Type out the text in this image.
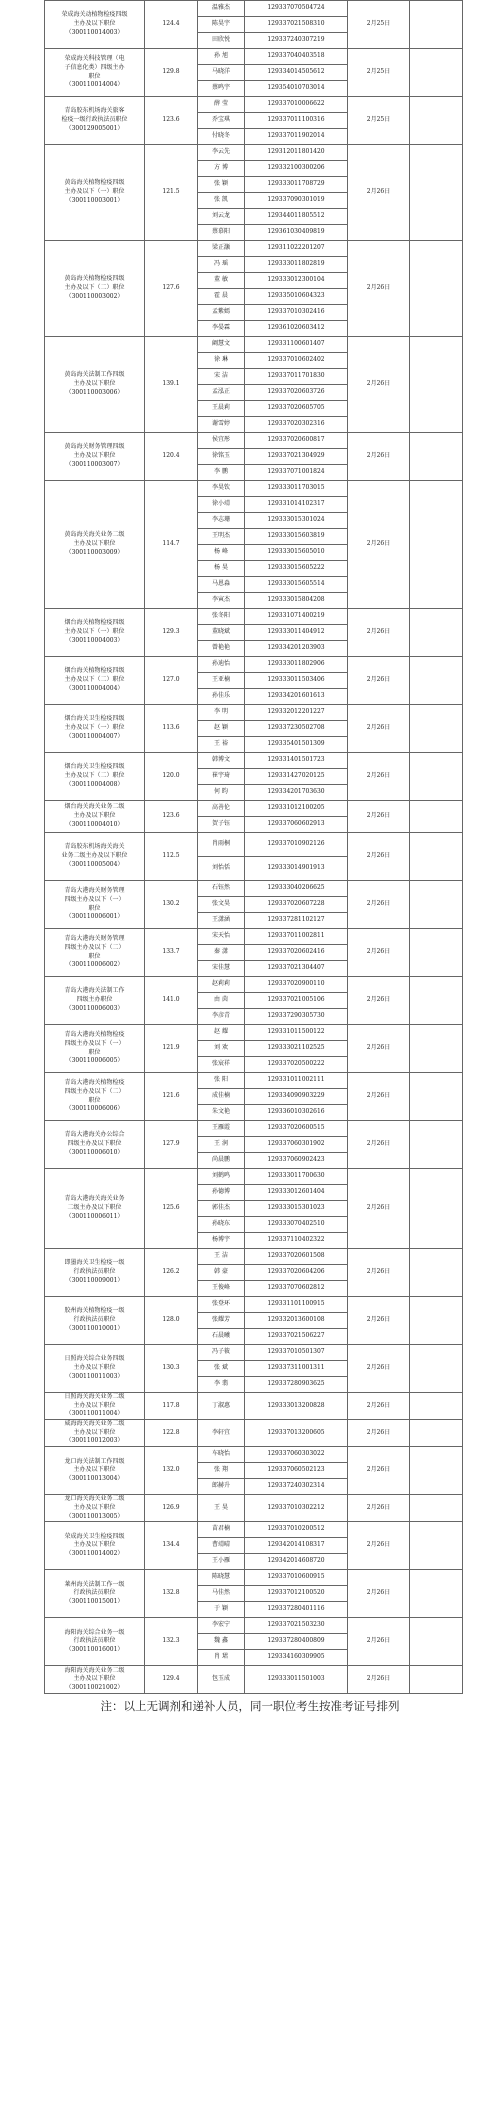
荣成海关动植物检疫四级
主办及以下职位
（300110014003）	124.4	温雅杰	129337070504724	2月25日	
		陈昊宇	129337021508310		
		田欣悦	129337240307219		

荣成海关科技管理（电
子信息化类）四级主办
职位
（300110014004）	129.8	孙 旭	129337040403518	2月25日	
		马晓洋	129334014505612		
		蔡鸣宇	129354010703014		

青岛胶东机场海关旅客
检疫一级行政执法员职位
（300129005001）	123.6	薛 莹	129337010006622	2月25日	
		乔宝琪	129337011100316		
		付晓冬	129337011902014		

黄岛海关植物检疫四级
主办及以下（一）职位
（300110003001）	121.5	李云先	129312011801420	2月26日	
		方 博	129332100300206		
		张 颖	129333011708729		
		张 凯	129337090301019		
		刘云龙	129344011805512		
		蔡慕阳	129361030409819		

黄岛海关植物检疫四级
主办及以下（二）职位
（300110003002）	127.6	梁正灏	129311022201207	2月26日	
		冯 瑶	129333011802819		
		董 敏	129333012300104		
		霍 晨	129335010604323		
		孟紫嫣	129337010302416		
		李晏霖	129361020603412		

黄岛海关法制工作四级
主办及以下职位
（300110003006）	139.1	阚慧文	129331100601407	2月26日	
		徐 琳	129337010602402		
		宋 洁	129337011701830		
		孟泓正	129337020603726		
		王晨莉	129337020605705		
		谢雪婷	129337020302316		

黄岛海关财务管理四级
主办及以下职位
（300110003007）	120.4	侯宜彤	129337020600817	2月26日	
		徐铭玉	129337021304929		
		李 鹏	129337071001824		

黄岛海关海关业务二级
主办及以下职位
（300110003009）	114.7	李昊钦	129333011703015	2月26日	
		徐小靖	129331014102317		
		李志珊	129333015301024		
		王明杰	129333015603819		
		杨 峰	129333015605010		
		杨 昊	129333015605222		
		马恩淼	129333015605514		
		李寅杰	129333015804208		

烟台海关植物检疫四级
主办及以下（一）职位
（300110004003）	129.3	张冬阳	129331071400219	2月26日	
		董晓斌	129333011404912		
		曾艳艳	129334201203903		

烟台海关植物检疫四级
主办及以下（二）职位
（300110004004）	127.0	孙迪怡	129333011802906	2月26日	
		王亚楠	129333011503406		
		孙佳乐	129334201601613		

烟台海关卫生检疫四级
主办及以下（一）职位
（300110004007）	113.6	李 明	129332012201227	2月26日	
		赵 颖	129337230502708		
		王 裕	129335401501309		

烟台海关卫生检疫四级
主办及以下（二）职位
（300110004008）	120.0	韩博文	129331401501723	2月26日	
		崔宇琦	129331427020125		
		何 昀	129334201703630		

烟台海关海关业务二级
主办及以下职位
（300110004010）	123.6	高善伦	129331012100205	2月26日	
		贺子钰	129337060602913		

青岛胶东机场海关海关
业务二级主办及以下职位
（300110005004）	112.5	肖雨桐	129337010902126	2月26日	
		刘怡恬	129333014901913		

青岛大港海关财务管理
四级主办及以下（一）
职位
（300110006001）	130.2	石钰然	129333040206625	2月26日	
		张文昊	129337020607228		
		王潇涵	129337281102127		

青岛大港海关财务管理
四级主办及以下（二）
职位
（300110006002）	133.7	宋天怡	129337011002811	2月26日	
		秦 潇	129337020602416		
		宋佳慧	129337021304407		

青岛大港海关法制工作
四级主办职位
（300110006003）	141.0	赵莉莉	129337020900110	2月26日	
		由 茵	129337021005106		
		李彦青	129337290305730		

青岛大港海关植物检疫
四级主办及以下（一）
职位
（300110006005）	121.9	赵 耀	129331011500122	2月26日	
		刘 欢	129333021102525		
		张宸祥	129337020500222		

青岛大港海关植物检疫
四级主办及以下（二）
职位
（300110006006）	121.6	张 阳	129331011002111	2月26日	
		成佳楠	129334090903229		
		朱文艳	129336010302616		

青岛大港海关办公综合
四级主办及以下职位
（300110006010）	127.9	王雁霞	129337020600515	2月26日	
		王 润	129337060301902		
		尚晨鹏	129337060902423		

青岛大港海关海关业务
二级主办及以下职位
（300110006011）	125.6	刘鹤鸣	129333011700630	2月26日	
		孙德博	129333012601404		
		郭佳杰	129333015301023		
		孙晓东	129333070402510		
		杨博宇	129337110402322		

即墨海关卫生检疫一级
行政执法员职位
（300110009001）	126.2	王 洁	129337020601508	2月26日	
		韩 豪	129337020604206		
		王俊峰	129337070602812		

胶州海关植物检疫一级
行政执法员职位
（300110010001）	128.0	张登环	129331101100915	2月26日	
		张耀芳	129332013600108		
		石晨曦	129337021506227		

日照海关综合业务四级
主办及以下职位
（300110011003）	130.3	冯子筱	129337010501307	2月26日	
		张 斌	129337311001311		
		李 翡	129337280903625		

日照海关海关业务二级
主办及以下职位
（300110011004）	117.8	丁淑惠	129333013200828	2月26日	

威海海关海关业务二级
主办及以下职位
（300110012003）	122.8	李轩宜	129337013200605	2月26日	

龙口海关法制工作四级
主办及以下职位
（300110013004）	132.0	车晓怡	129337060303022	2月26日	
		张 翔	129337060502123		
		郎赫升	129337240302314		

龙口海关海关业务二级
主办及以下职位
（300110013005）	126.9	王 昊	129337010302212	2月26日	

荣成海关卫生检疫四级
主办及以下职位
（300110014002）	134.4	苗君楠	129337010200512	2月26日	
		曹靖晴	129342014108317		
		王小雁	129342014608720		

莱州海关法制工作一级
行政执法员职位
（300110015001）	132.8	陈晓慧	129337010600915	2月26日	
		马佳然	129337012100520		
		于 颖	129337280401116		

海阳海关综合业务一级
行政执法员职位
（300110016001）	132.3	李宏宁	129337021503230	2月26日	
		魏 鑫	129337280400809		
		肖 珺	129334160309905		

海阳海关海关业务二级
主办及以下职位
（300110021002）	129.4	包玉成	129333011501003	2月26日	
注：以上无调剂和递补人员，同一职位考生按准考证号排列
